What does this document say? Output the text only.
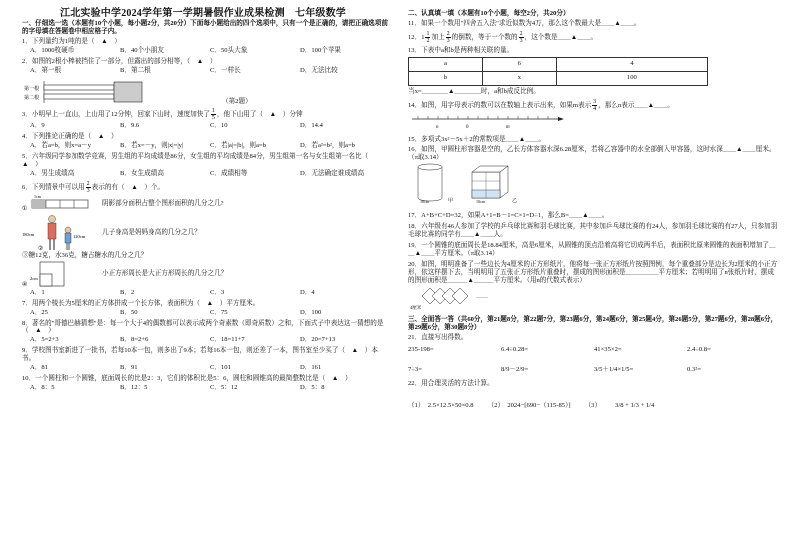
江北实验中学2024学年第一学期暑假作业成果检测　七年级数学

一、仔细选一选（本题有10个小题，每小题2分，共20分）下面每小题给出的四个选项中，只有一个是正确的，请把正确选项前的字母填在答题卷中相应格子内。

1．下列量约为1吨的是（　▲　）

A．1000枚硬币	B．40个小朋友	C．50头大象	D．100个苹果

2．如图的2根小棒被挡住了一部分，但露出的部分相等，（　▲　）

A．第一根	B．第二根	C．一样长	D．无法比较
第一根
第二根	（第2题）

3．小明早上一直山，上山用了12分钟，回家下山时，速度加快了 $\frac{1}{5}$ ，他下山用了（　▲　）分钟

A．9	B．9.6	C．10	D．14.4

4．下列推论正确的是（　▲　）

A．若a=b，则x=a－y	B．若x=－y，则|x|=|y|	C．若|a|=|b|，则a=b	D．若a²=b²，则a=b

5．六年级同学参加数学竞赛，男生组的平均成绩是86分，女生组的平均成绩是84分，男生组第一名与女生组第一名比（　▲　）

A．男生成绩高	B．女生成绩高	C．成绩相等	D．无法确定谁成绩高

6．下列情景中可以用 $\frac{2}{3}$ 表示的有（　▲　）个。

①
1cm
阴影部分面积占整个图形面积的几分之几?
180cm	120cm
②
儿子身高是妈妈身高的几分之几？

③糖12克，水36克，糖占糖水的几分之几？

④
2cm
小正方形周长是大正方形周长的几分之几？
A．1	B．2	C．3	D．4

7．用两个棱长为5厘米的正方体拼成一个长方体，表面积为（　▲　）平方厘米。

A．25	B．50	C．75	D．100

8．著名的"哥德巴赫猜想"是：每一个大于4的偶数都可以表示成两个奇素数（即奇质数）之和，下面式子中表达这一猜想的是（　▲　）

A．5=2+3	B．8=2+6	C．18=11+7	D．20=7+13

9．学校图书室新进了一批书，若每10本一包，则多出了9本；若每16本一包，则还差了一本，图书室至少买了（　▲　）本书。

A．81	B．91	C．101	D．161

10．一个圆柱和一个圆锥，底面周长的比是2：3，它们的体积比是5：6，圆柱和圆锥高的最简整数比是（　▲　）

A．8：5	B．12：5	C．5：12	D．5：8

二、认真填一填（本题有10个小题，每空2分，共20分）

11．如果一个数用"四舍五入法"求近似数为4万，那么这个数最大是＿＿▲＿＿。

12．$1 \frac{1}{2}$ 加上 $\frac{2}{3}$ 的倒数，等于一个数的 $\frac{2}{3}$ ，这个数是＿＿▲＿＿。

13．下表中a和b是两种相关联的量。

a	6	4
b	x	100

当x=＿＿＿＿▲＿＿＿＿时，a和b成反比例。

14．如图，用字母表示的数可以在数轴上表示出来，如果m表示 $\frac{3}{4}$ ，那么n表示＿＿▲＿＿。

n	0	m

15．多项式3x²－5x＋2的常数项是＿＿▲＿＿。

16．如图，甲圆柱形容器是空的，乙长方体容器水深6.28厘米，若将乙容器中的水全部倒入甲容器，这时水深＿＿▲＿＿厘米。（π取3.14）

10cm	甲	10cm	乙

17．A+B+C+D=32，如果A+1=B－1=C×1=D÷1，那么B=＿＿▲＿＿。

18．六年级有46人参加了学校的乒乓球比赛和羽毛球比赛，其中参加乒乓球比赛的有24人，参加羽毛球比赛的有27人，只参加羽毛球比赛的同学有＿＿▲＿＿人。

19．一个圆锥的底面周长是18.84厘米，高是6厘米，从圆锥的顶点沿着高将它切成两半后，表面积比原来圆锥的表面积增加了＿＿▲＿＿平方厘米。（π取3.14）

20．如图，明明准备了一些边长为4厘米的正方形纸片，他将每一张正方形纸片按照图例，每个重叠部分是边长为2厘米的小正方形，依这样摆下去，当明明用了五张正方形纸片重叠时，摆成的图形面积是＿＿＿＿＿平方厘米；若明明用了n张纸片时，摆成的图形面积是＿＿＿▲＿＿＿平方厘米。（用n的代数式表示）

4厘米
……

三、全面答一答（共60分，第21题8分，第22题7分，第23题6分，第24题6分，第25题4分，第26题5分，第27题6分，第28题6分，第29题6分，第30题8分）

21．直接写出得数。

235-198=	6.4÷0.28=	41×35×2=	2.4÷0.8=
7÷3=	8/9－2/9=	3/5＋1/4×1/5=	0.3²=

22．用合理灵活的方法计算。

（1）　2.5×12.5×50×0.8 （2）　2024−[690−（115-85）] （3） 3/8 + 1/3 + 1/4
